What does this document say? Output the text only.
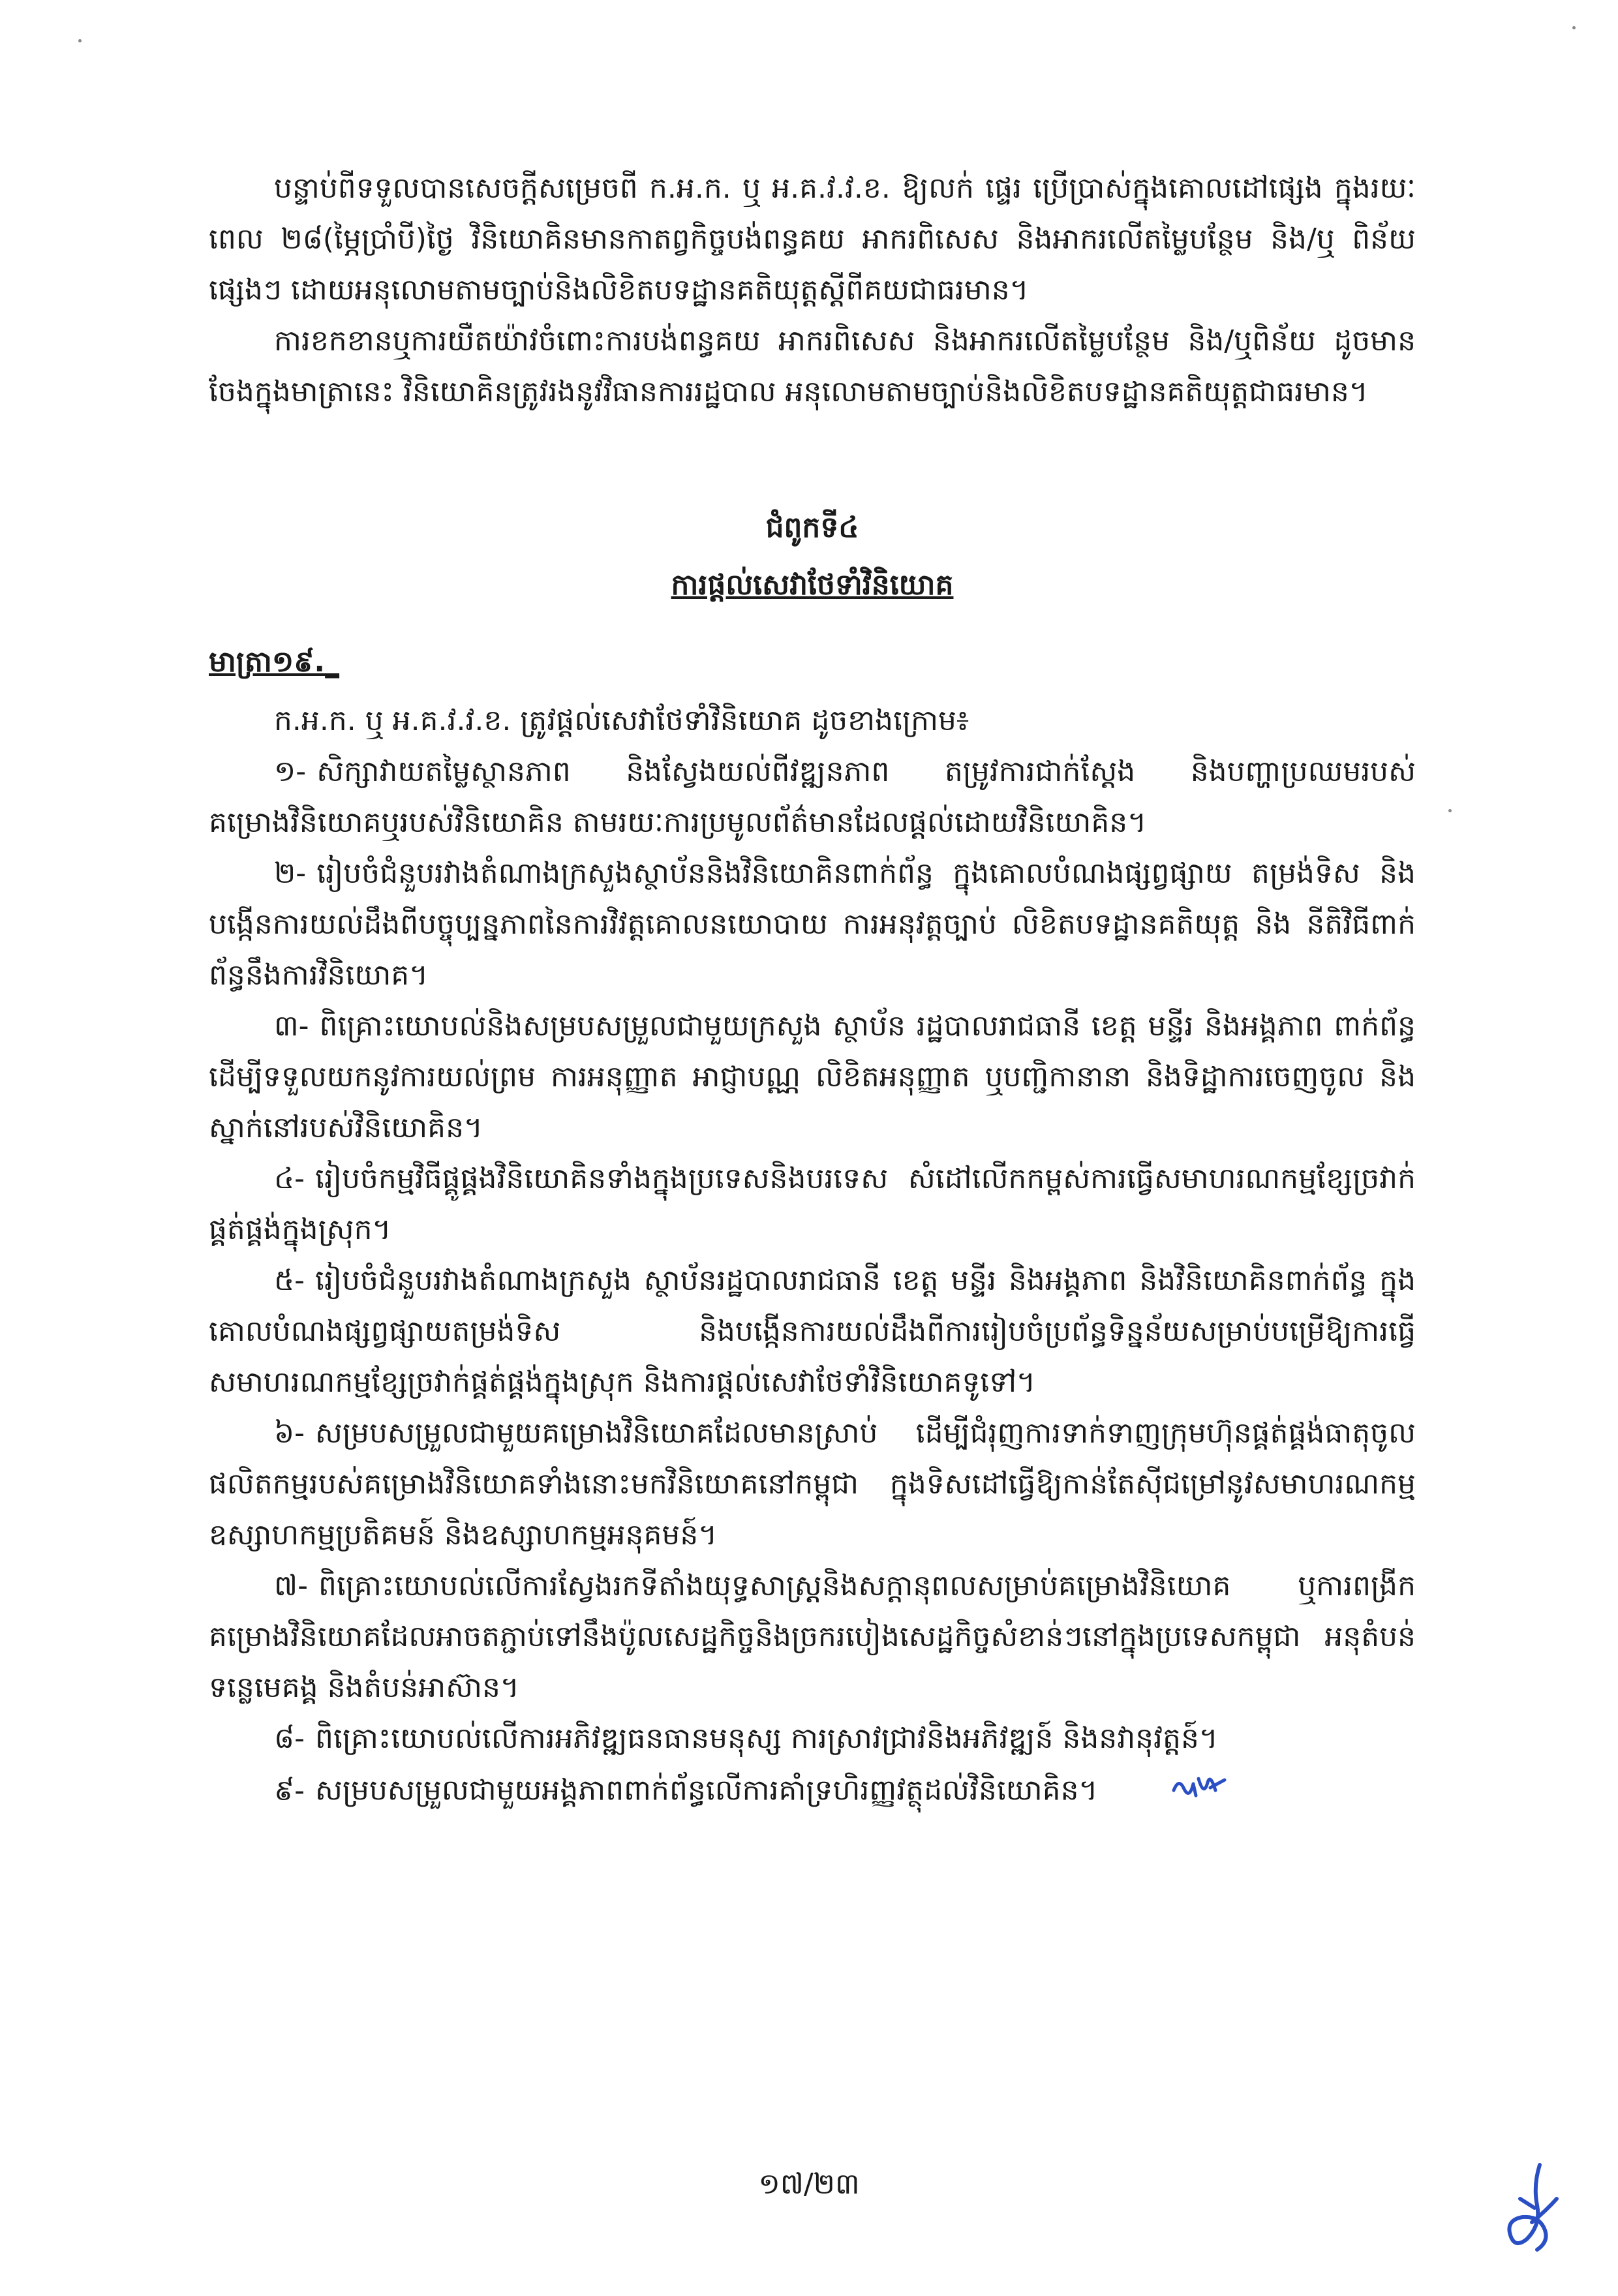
បន្ទាប់ពីទទួលបានសេចក្តីសម្រេចពី ក.អ.ក. ឬ អ.គ.វ.វ.ខ. ឱ្យលក់ ផ្ទេរ ប្រើប្រាស់ក្នុងគោលដៅផ្សេង ក្នុងរយៈពេល ២៨(ម្ភៃប្រាំបី)ថ្ងៃ វិនិយោគិនមានកាតព្វកិច្ចបង់ពន្ធគយ អាករពិសេស និងអាករលើតម្លៃបន្ថែម និង/ឬ ពិន័យផ្សេងៗ ដោយអនុលោមតាមច្បាប់និងលិខិតបទដ្ឋានគតិយុត្តស្តីពីគយជាធរមាន។

ការខកខានឬការយឺតយ៉ាវចំពោះការបង់ពន្ធគយ អាករពិសេស និងអាករលើតម្លៃបន្ថែម និង/ឬពិន័យ ដូចមាន ចែងក្នុងមាត្រានេះ វិនិយោគិនត្រូវរងនូវវិធានការរដ្ឋបាល អនុលោមតាមច្បាប់និងលិខិតបទដ្ឋានគតិយុត្តជាធរមាន។

ជំពូកទី៤

ការផ្តល់សេវាថែទាំវិនិយោគ

មាត្រា១៩._

ក.អ.ក. ឬ អ.គ.វ.វ.ខ. ត្រូវផ្តល់សេវាថែទាំវិនិយោគ ដូចខាងក្រោម៖

១- សិក្សាវាយតម្លៃស្ថានភាព និងស្វែងយល់ពីវឌ្ឍនភាព តម្រូវការជាក់ស្តែង និងបញ្ហាប្រឈមរបស់ គម្រោងវិនិយោគឬរបស់វិនិយោគិន តាមរយៈការប្រមូលព័ត៌មានដែលផ្តល់ដោយវិនិយោគិន។

២- រៀបចំជំនួបរវាងតំណាងក្រសួងស្ថាប័ននិងវិនិយោគិនពាក់ព័ន្ធ ក្នុងគោលបំណងផ្សព្វផ្សាយ តម្រង់ទិស និងបង្កើនការយល់ដឹងពីបច្ចុប្បន្នភាពនៃការវិវត្តគោលនយោបាយ ការអនុវត្តច្បាប់ លិខិតបទដ្ឋានគតិយុត្ត និង នីតិវិធីពាក់ព័ន្ធនឹងការវិនិយោគ។

៣- ពិគ្រោះយោបល់និងសម្របសម្រួលជាមួយក្រសួង ស្ថាប័ន រដ្ឋបាលរាជធានី ខេត្ត មន្ទីរ និងអង្គភាព ពាក់ព័ន្ធដើម្បីទទួលយកនូវការយល់ព្រម ការអនុញ្ញាត អាជ្ញាបណ្ណ លិខិតអនុញ្ញាត ឬបញ្ជិកានានា និងទិដ្ឋាការចេញចូល និងស្នាក់នៅរបស់វិនិយោគិន។

៤- រៀបចំកម្មវិធីផ្គូផ្គងវិនិយោគិនទាំងក្នុងប្រទេសនិងបរទេស សំដៅលើកកម្ពស់ការធ្វើសមាហរណកម្មខ្សែច្រវាក់ ផ្គត់ផ្គង់ក្នុងស្រុក។

៥- រៀបចំជំនួបរវាងតំណាងក្រសួង ស្ថាប័នរដ្ឋបាលរាជធានី ខេត្ត មន្ទីរ និងអង្គភាព និងវិនិយោគិនពាក់ព័ន្ធ ក្នុងគោលបំណងផ្សព្វផ្សាយតម្រង់ទិស និងបង្កើនការយល់ដឹងពីការរៀបចំប្រព័ន្ធទិន្នន័យសម្រាប់បម្រើឱ្យការធ្វើ សមាហរណកម្មខ្សែច្រវាក់ផ្គត់ផ្គង់ក្នុងស្រុក និងការផ្តល់សេវាថែទាំវិនិយោគទូទៅ។

៦- សម្របសម្រួលជាមួយគម្រោងវិនិយោគដែលមានស្រាប់ ដើម្បីជំរុញការទាក់ទាញក្រុមហ៊ុនផ្គត់ផ្គង់ធាតុចូល ផលិតកម្មរបស់គម្រោងវិនិយោគទាំងនោះមកវិនិយោគនៅកម្ពុជា ក្នុងទិសដៅធ្វើឱ្យកាន់តែស៊ីជម្រៅនូវសមាហរណកម្ម ឧស្សាហកម្មប្រតិគមន៍ និងឧស្សាហកម្មអនុគមន៍។

៧- ពិគ្រោះយោបល់លើការស្វែងរកទីតាំងយុទ្ធសាស្ត្រនិងសក្តានុពលសម្រាប់គម្រោងវិនិយោគ ឬការពង្រីក គម្រោងវិនិយោគដែលអាចតភ្ជាប់ទៅនឹងប៉ូលសេដ្ឋកិច្ចនិងច្រករបៀងសេដ្ឋកិច្ចសំខាន់ៗនៅក្នុងប្រទេសកម្ពុជា អនុតំបន់ទន្លេមេគង្គ និងតំបន់អាស៊ាន។

៨- ពិគ្រោះយោបល់លើការអភិវឌ្ឍធនធានមនុស្ស ការស្រាវជ្រាវនិងអភិវឌ្ឍន៍ និងនវានុវត្តន៍។

៩- សម្របសម្រួលជាមួយអង្គភាពពាក់ព័ន្ធលើការគាំទ្រហិរញ្ញវត្ថុដល់វិនិយោគិន។

១៧/២៣
